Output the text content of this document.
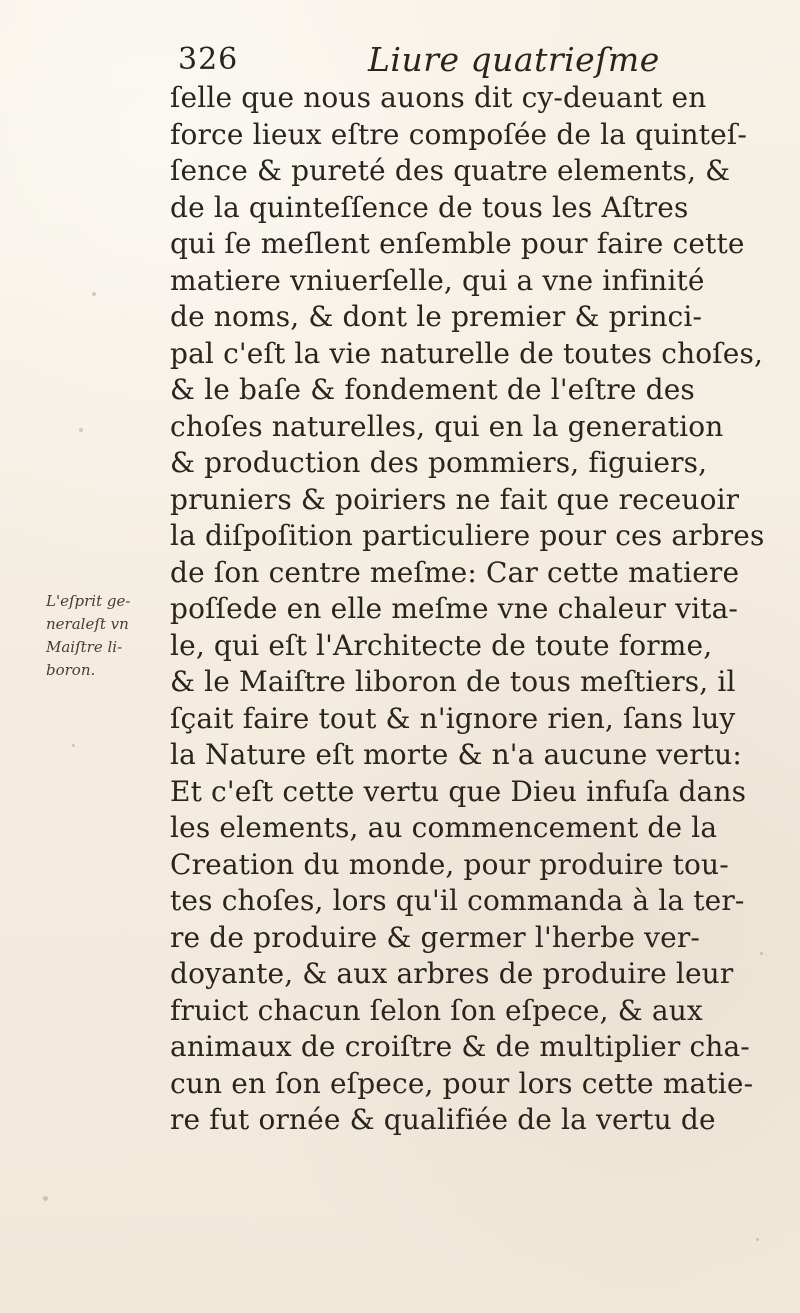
326	Liure quatrieſme
L'eſprit ge-
neraleſt vn
Maiſtre li-
boron.
ſelle que nous auons dit cy-deuant en
force lieux eſtre compoſée de la quinteſ-
ſence & pureté des quatre elements, &
de la quinteſſence de tous les Aſtres
qui ſe meſlent enſemble pour faire cette
matiere vniuerſelle, qui a vne infinité
de noms, & dont le premier & princi-
pal c'eſt la vie naturelle de toutes choſes,
& le baſe & fondement de l'eſtre des
choſes naturelles, qui en la generation
& production des pommiers, figuiers,
pruniers & poiriers ne fait que receuoir
la diſpoſition particuliere pour ces arbres
de ſon centre meſme: Car cette matiere
poſſede en elle meſme vne chaleur vita-
le, qui eſt l'Architecte de toute forme,
& le Maiſtre liboron de tous meſtiers, il
ſçait faire tout & n'ignore rien, ſans luy
la Nature eſt morte & n'a aucune vertu:
Et c'eſt cette vertu que Dieu infuſa dans
les elements, au commencement de la
Creation du monde, pour produire tou-
tes choſes, lors qu'il commanda à la ter-
re de produire & germer l'herbe ver-
doyante, & aux arbres de produire leur
fruict chacun ſelon ſon eſpece, & aux
animaux de croiſtre & de multiplier cha-
cun en ſon eſpece, pour lors cette matie-
re fut ornée & qualifiée de la vertu de
